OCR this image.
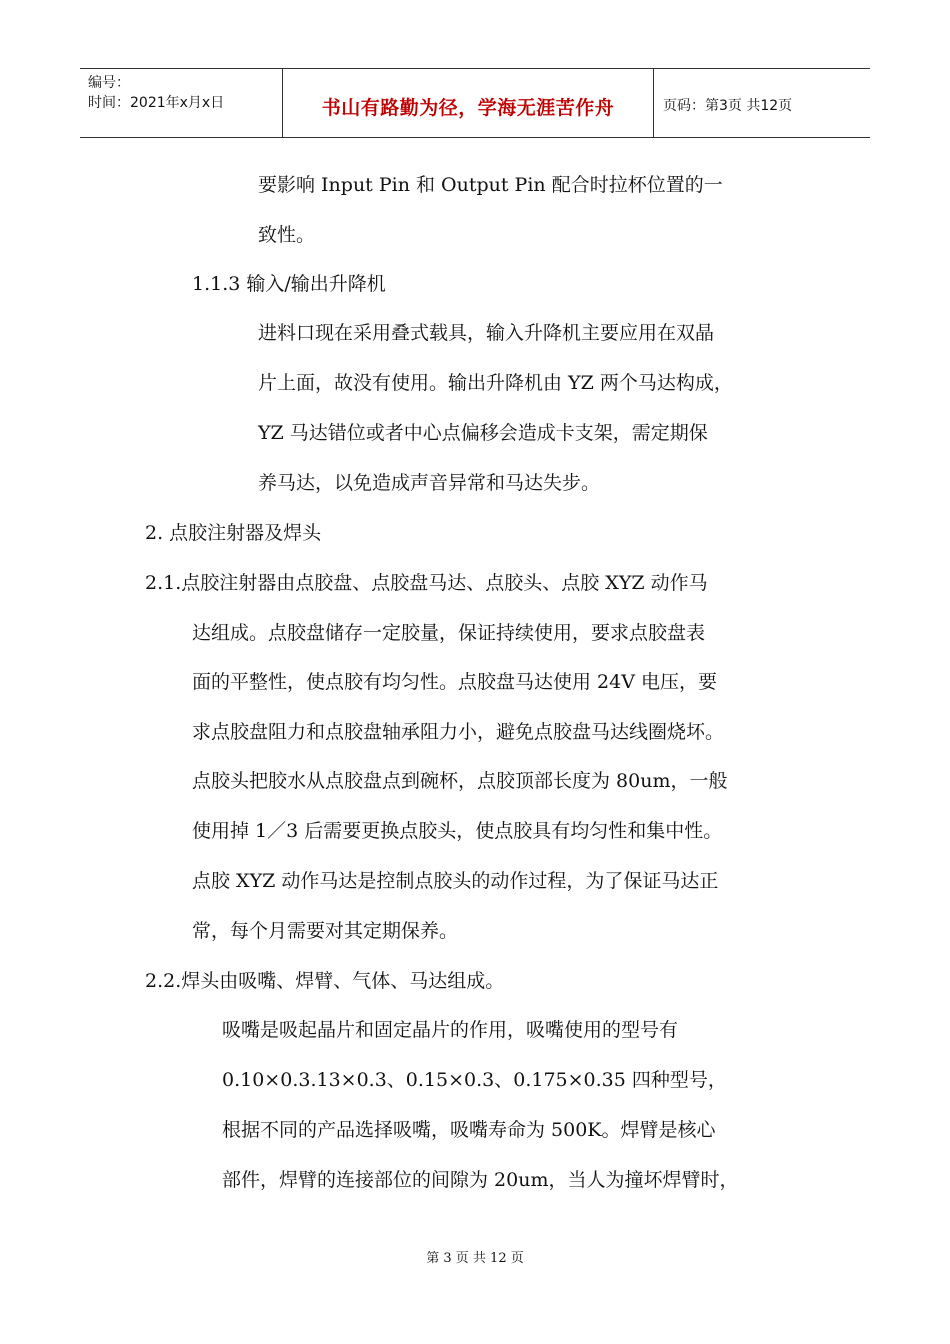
编号：
时间：2021年x月x日	书山有路勤为径，学海无涯苦作舟	页码：第3页 共12页
要影响 Input Pin 和 Output Pin 配合时拉杯位置的一
致性。
1.1.3 输入/输出升降机
进料口现在采用叠式载具，输入升降机主要应用在双晶
片上面，故没有使用。输出升降机由 YZ 两个马达构成，
YZ 马达错位或者中心点偏移会造成卡支架，需定期保
养马达，以免造成声音异常和马达失步。
2. 点胶注射器及焊头
2.1.点胶注射器由点胶盘、点胶盘马达、点胶头、点胶 XYZ 动作马
达组成。点胶盘储存一定胶量，保证持续使用，要求点胶盘表
面的平整性，使点胶有均匀性。点胶盘马达使用 24V 电压，要
求点胶盘阻力和点胶盘轴承阻力小，避免点胶盘马达线圈烧坏。
点胶头把胶水从点胶盘点到碗杯，点胶顶部长度为 80um，一般
使用掉 1／3 后需要更换点胶头，使点胶具有均匀性和集中性。
点胶 XYZ 动作马达是控制点胶头的动作过程，为了保证马达正
常，每个月需要对其定期保养。
2.2.焊头由吸嘴、焊臂、气体、马达组成。
吸嘴是吸起晶片和固定晶片的作用，吸嘴使用的型号有
0.10×0.3.13×0.3、0.15×0.3、0.175×0.35 四种型号，
根据不同的产品选择吸嘴，吸嘴寿命为 500K。焊臂是核心
部件，焊臂的连接部位的间隙为 20um，当人为撞坏焊臂时，
第 3 页 共 12 页
